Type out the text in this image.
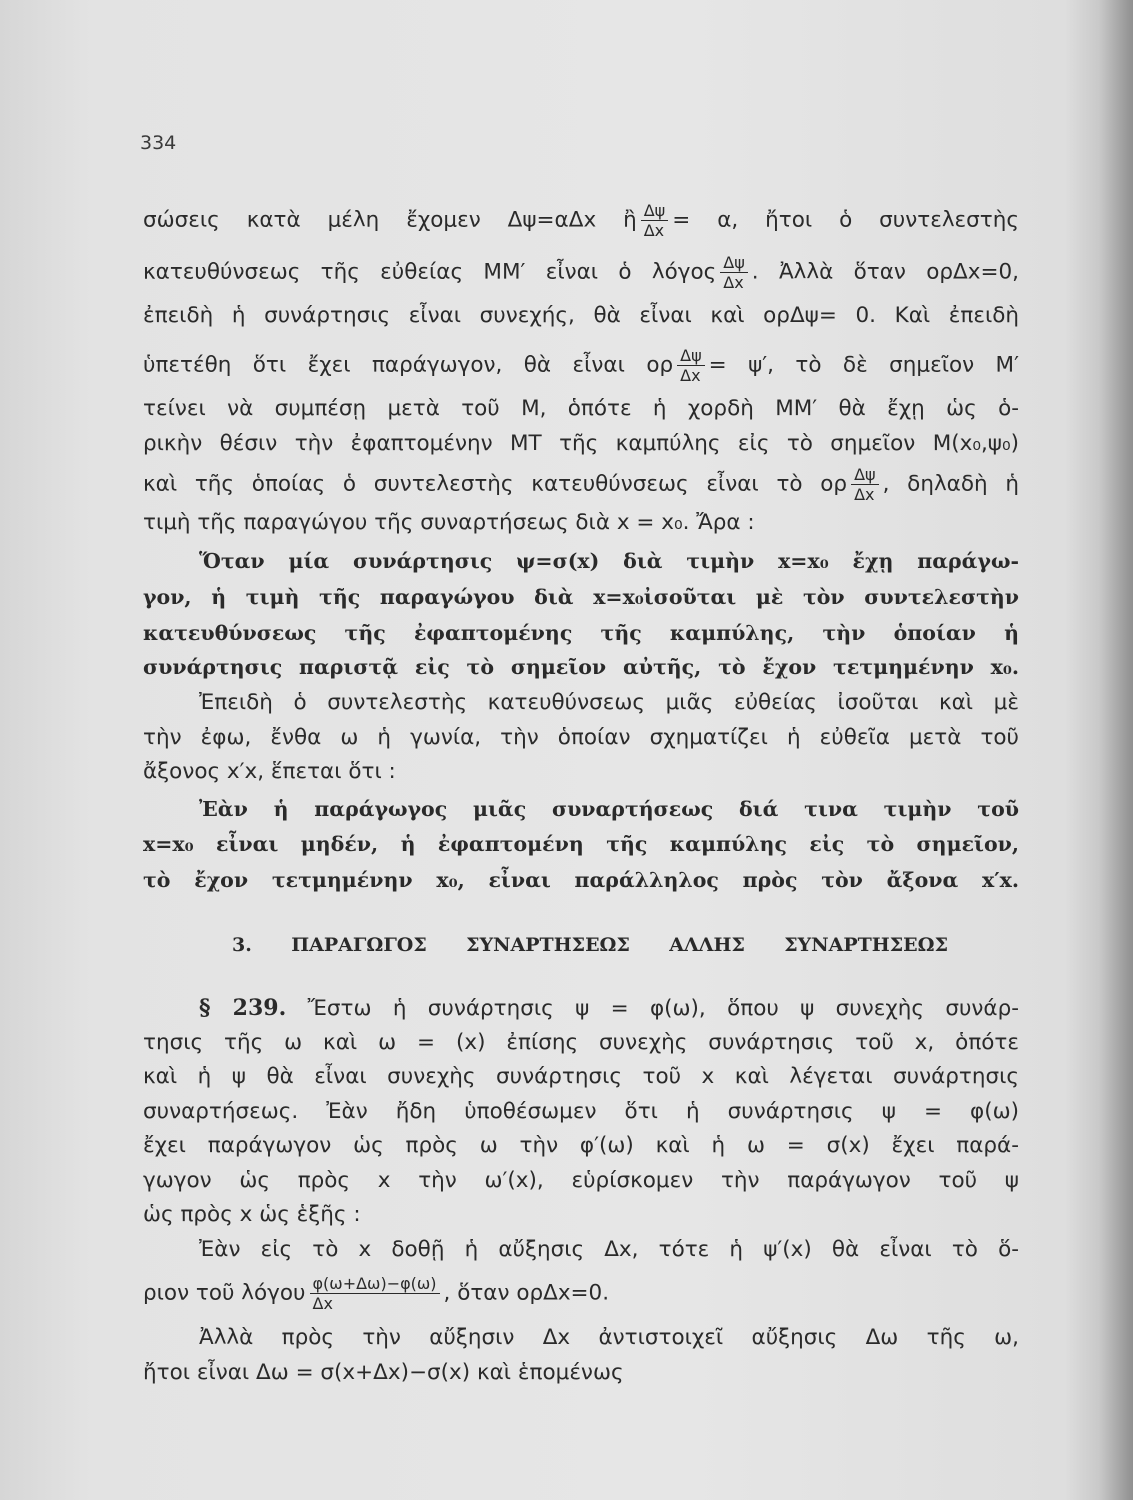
334
σώσεις κατὰ μέλη ἔχομεν Δψ=αΔx ἢ $\frac{\Delta\psi}{\Delta x} = \alpha$, ἤτοι ὁ συντελεστὴς
κατευθύνσεως τῆς εὐθείας ΜΜ′ εἶναι ὁ λόγος $\frac{\Delta\psi}{\Delta x}$ . Ἀλλὰ ὅταν ορΔx=0,
ἐπειδὴ ἡ συνάρτησις εἶναι συνεχής, θὰ εἶναι καὶ ορΔψ= 0. Καὶ ἐπειδὴ
ὑπετέθη ὅτι ἔχει παράγωγον, θὰ εἶναι ορ $\frac{\Delta\psi}{\Delta x} = \psi'$, τὸ δὲ σημεῖον Μ′
τείνει νὰ συμπέσῃ μετὰ τοῦ Μ, ὁπότε ἡ χορδὴ ΜΜ′ θὰ ἔχῃ ὡς ὁ-
ρικὴν θέσιν τὴν ἐφαπτομένην ΜΤ τῆς καμπύλης εἰς τὸ σημεῖον Μ(x₀,ψ₀)
καὶ τῆς ὁποίας ὁ συντελεστὴς κατευθύνσεως εἶναι τὸ ορ $\frac{\Delta\psi}{\Delta x}$ , δηλαδὴ ἡ
τιμὴ τῆς παραγώγου τῆς συναρτήσεως διὰ x = x₀. Ἄρα :
Ὅταν μία συνάρτησις ψ=σ(x) διὰ τιμὴν x=x₀ ἔχῃ παράγω-
γον, ἡ τιμὴ τῆς παραγώγου διὰ x=x₀ἰσοῦται μὲ τὸν συντελεστὴν
κατευθύνσεως τῆς ἐφαπτομένης τῆς καμπύλης, τὴν ὁποίαν ἡ
συνάρτησις παριστᾷ εἰς τὸ σημεῖον αὐτῆς, τὸ ἔχον τετμημένην x₀.
Ἐπειδὴ ὁ συντελεστὴς κατευθύνσεως μιᾶς εὐθείας ἰσοῦται καὶ μὲ
τὴν ἐφω, ἔνθα ω ἡ γωνία, τὴν ὁποίαν σχηματίζει ἡ εὐθεῖα μετὰ τοῦ
ἄξονος x′x, ἕπεται ὅτι :
Ἐὰν ἡ παράγωγος μιᾶς συναρτήσεως διά τινα τιμὴν τοῦ
x=x₀ εἶναι μηδέν, ἡ ἐφαπτομένη τῆς καμπύλης εἰς τὸ σημεῖον,
τὸ ἔχον τετμημένην x₀, εἶναι παράλληλος πρὸς τὸν ἄξονα x′x.
3. ΠΑΡΑΓΩΓΟΣ ΣΥΝΑΡΤΗΣΕΩΣ ΑΛΛΗΣ ΣΥΝΑΡΤΗΣΕΩΣ
§ 239. Ἔστω ἡ συνάρτησις ψ = φ(ω), ὅπου ψ συνεχὴς συνάρ-
τησις τῆς ω καὶ ω = (x) ἐπίσης συνεχὴς συνάρτησις τοῦ x, ὁπότε
καὶ ἡ ψ θὰ εἶναι συνεχὴς συνάρτησις τοῦ x καὶ λέγεται συνάρτησις
συναρτήσεως. Ἐὰν ἤδη ὑποθέσωμεν ὅτι ἡ συνάρτησις ψ = φ(ω)
ἔχει παράγωγον ὡς πρὸς ω τὴν φ′(ω) καὶ ἡ ω = σ(x) ἔχει παρά-
γωγον ὡς πρὸς x τὴν ω′(x), εὑρίσκομεν τὴν παράγωγον τοῦ ψ
ὡς πρὸς x ὡς ἑξῆς :
Ἐὰν εἰς τὸ x δοθῇ ἡ αὔξησις Δx, τότε ἡ ψ′(x) θὰ εἶναι τὸ ὅ-
ριον τοῦ λόγου $\frac{\varphi(\omega+\Delta\omega)-\varphi(\omega)}{\Delta x}$ , ὅταν ορΔx=0.
Ἀλλὰ πρὸς τὴν αὔξησιν Δx ἀντιστοιχεῖ αὔξησις Δω τῆς ω,
ἤτοι εἶναι Δω = σ(x+Δx)−σ(x) καὶ ἑπομένως
